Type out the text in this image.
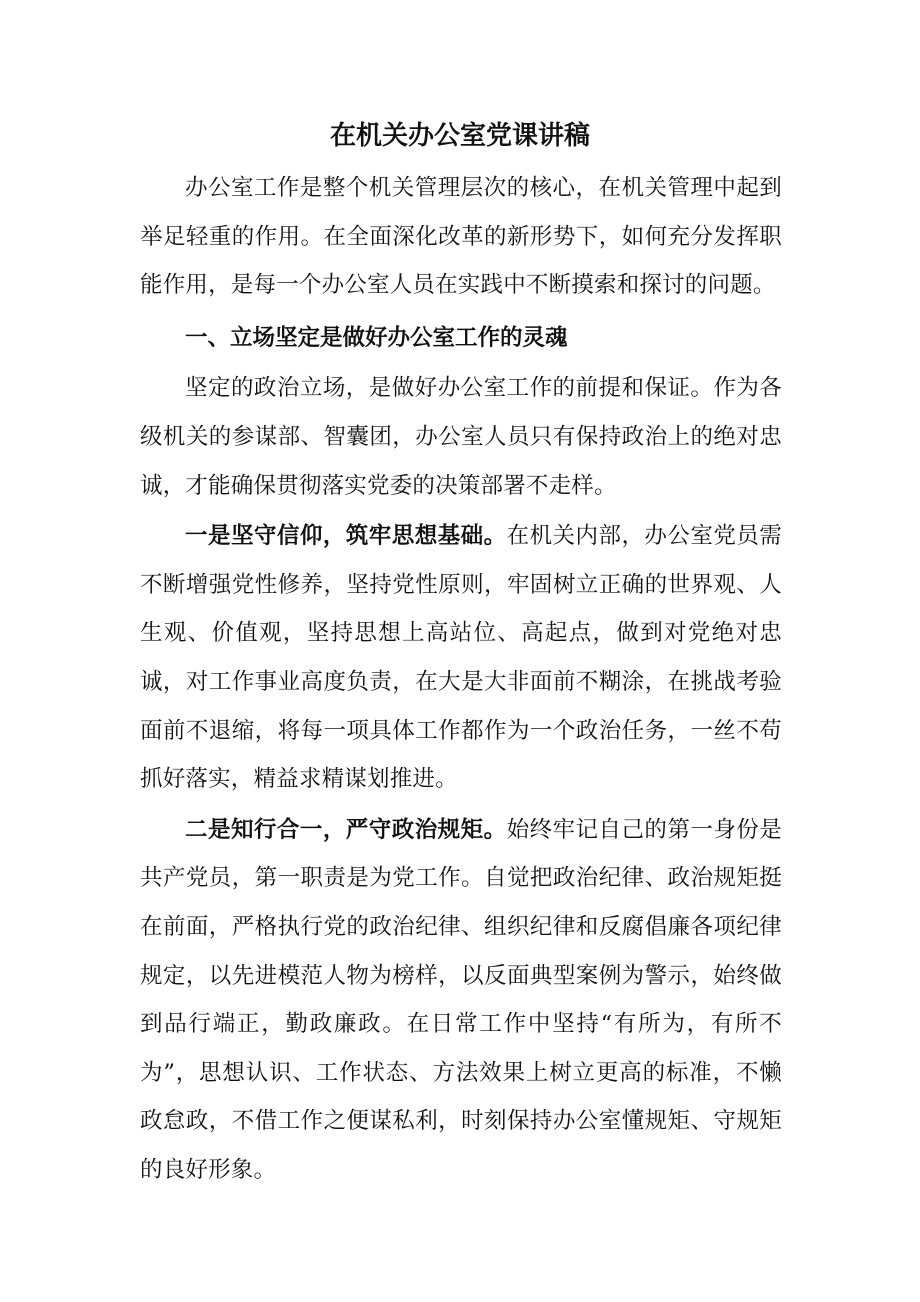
在机关办公室党课讲稿

办公室工作是整个机关管理层次的核心，在机关管理中起到举足轻重的作用。在全面深化改革的新形势下，如何充分发挥职能作用，是每一个办公室人员在实践中不断摸索和探讨的问题。

一、立场坚定是做好办公室工作的灵魂

坚定的政治立场，是做好办公室工作的前提和保证。作为各级机关的参谋部、智囊团，办公室人员只有保持政治上的绝对忠诚，才能确保贯彻落实党委的决策部署不走样。

一是坚守信仰，筑牢思想基础。在机关内部，办公室党员需不断增强党性修养，坚持党性原则，牢固树立正确的世界观、人生观、价值观，坚持思想上高站位、高起点，做到对党绝对忠诚，对工作事业高度负责，在大是大非面前不糊涂，在挑战考验面前不退缩，将每一项具体工作都作为一个政治任务，一丝不苟抓好落实，精益求精谋划推进。

二是知行合一，严守政治规矩。始终牢记自己的第一身份是共产党员，第一职责是为党工作。自觉把政治纪律、政治规矩挺在前面，严格执行党的政治纪律、组织纪律和反腐倡廉各项纪律规定，以先进模范人物为榜样，以反面典型案例为警示，始终做到品行端正，勤政廉政。在日常工作中坚持“有所为，有所不为”，思想认识、工作状态、方法效果上树立更高的标准，不懒政怠政，不借工作之便谋私利，时刻保持办公室懂规矩、守规矩的良好形象。
